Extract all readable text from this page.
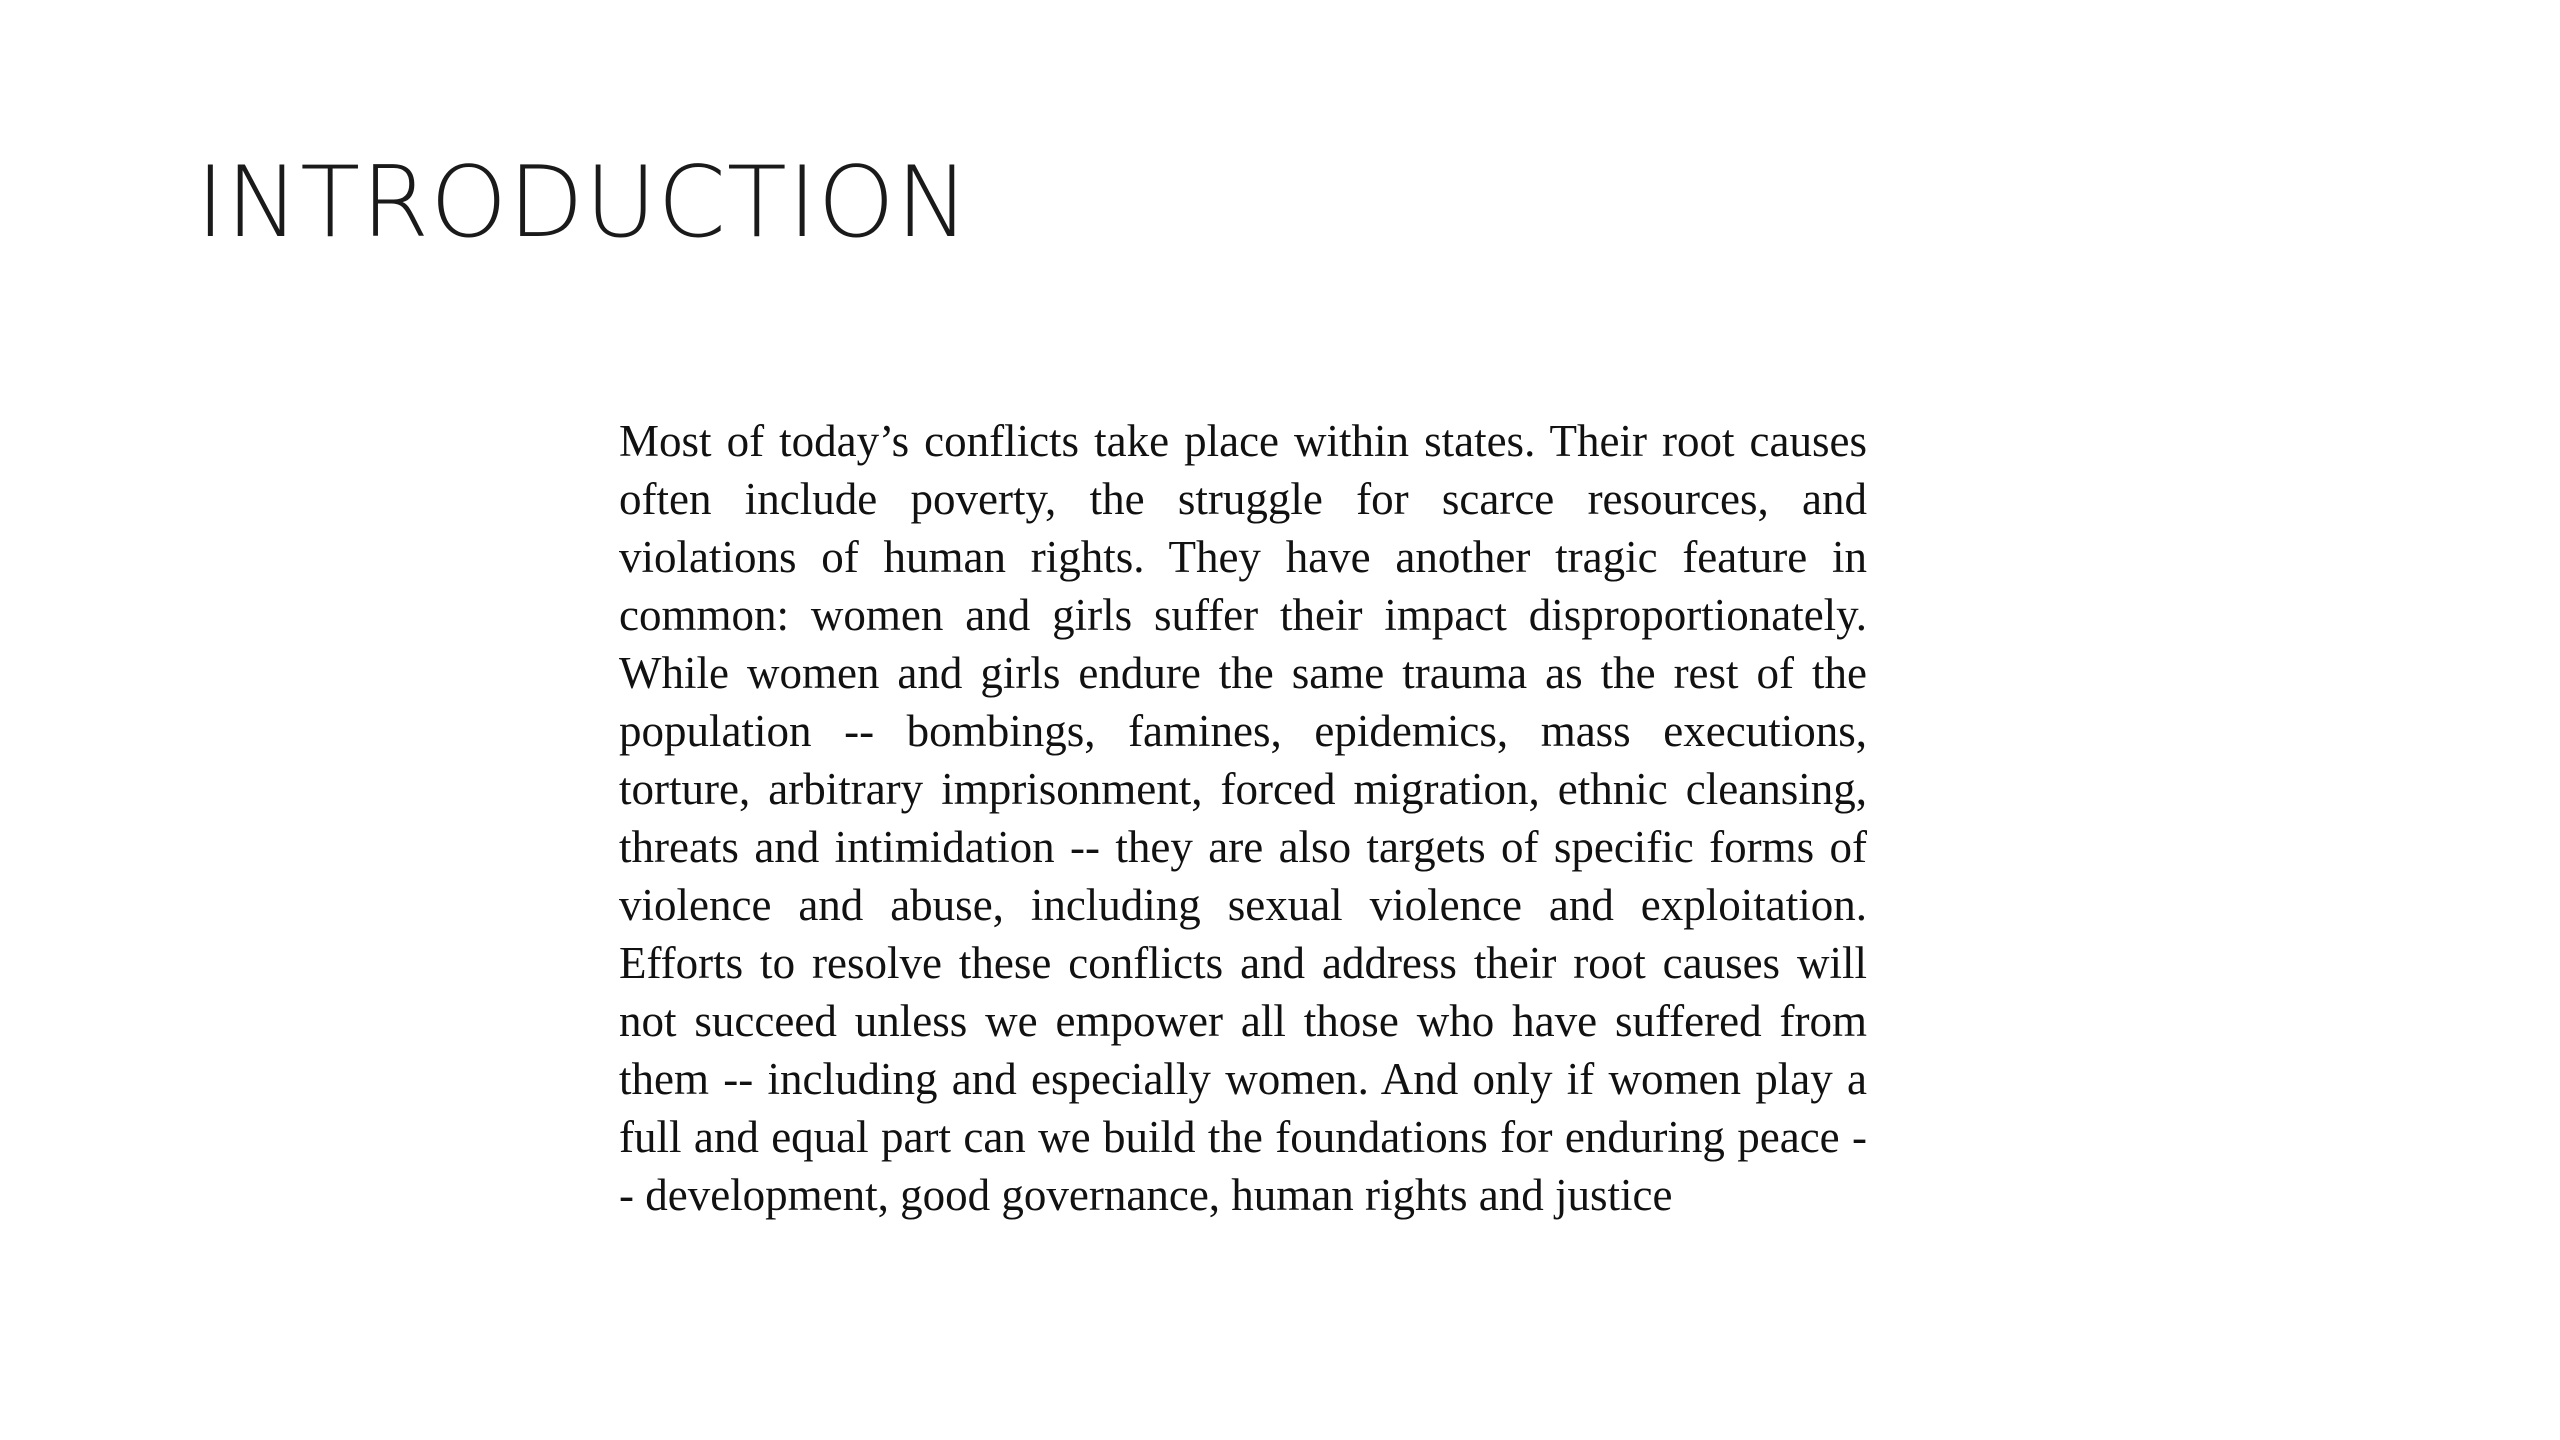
INTRODUCTION

Most of today’s conflicts take place within states. Their root causes often include poverty, the struggle for scarce resources, and violations of human rights. They have another tragic feature in common: women and girls suffer their impact disproportionately. While women and girls endure the same trauma as the rest of the population -- bombings, famines, epidemics, mass executions, torture, arbitrary imprisonment, forced migration, ethnic cleansing, threats and intimidation -- they are also targets of specific forms of violence and abuse, including sexual violence and exploitation. Efforts to resolve these conflicts and address their root causes will not succeed unless we empower all those who have suffered from them -- including and especially women. And only if women play a full and equal part can we build the foundations for enduring peace -- development, good governance, human rights and justice
